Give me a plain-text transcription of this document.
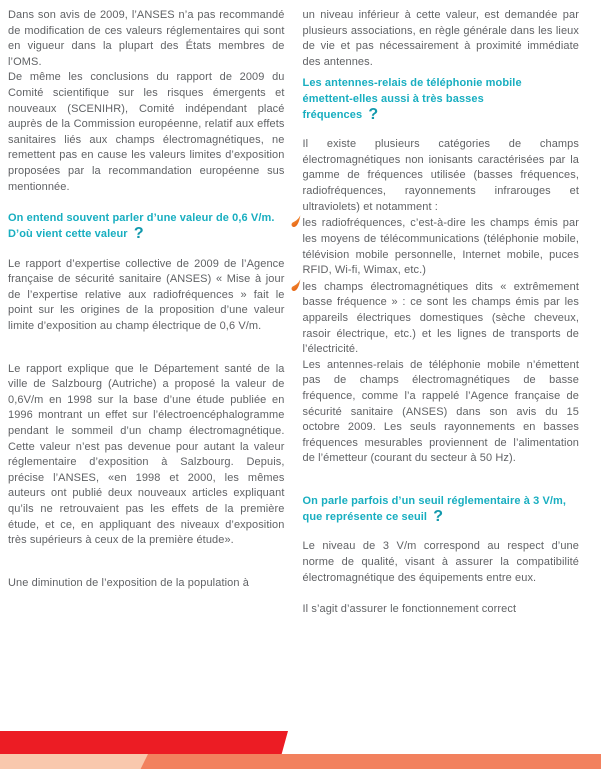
Dans son avis de 2009, l’ANSES n’a pas recommandé de modification de ces valeurs réglementaires qui sont en vigueur dans la plupart des États membres de l’OMS.

De même les conclusions du rapport de 2009 du Comité scientifique sur les risques émergents et nouveaux (SCENIHR), Comité indépendant placé auprès de la Commission européenne, relatif aux effets sanitaires liés aux champs électromagnétiques, ne remettent pas en cause les valeurs limites d’exposition proposées par la recommandation européenne sus mentionnée.

On entend souvent parler d’une valeur de 0,6 V/m. D’où vient cette valeur ?

Le rapport d’expertise collective de 2009 de l’Agence française de sécurité sanitaire (ANSES) « Mise à jour de l’expertise relative aux radiofréquences » fait le point sur les origines de la proposition d’une valeur limite d’exposition au champ électrique de 0,6 V/m.

Le rapport explique que le Département santé de la ville de Salzbourg (Autriche) a proposé la valeur de 0,6V/m en 1998 sur la base d’une étude publiée en 1996 montrant un effet sur l’électroencéphalogramme pendant le sommeil d’un champ électromagnétique. Cette valeur n’est pas devenue pour autant la valeur réglementaire d’exposition à Salzbourg. Depuis, précise l’ANSES, «en 1998 et 2000, les mêmes auteurs ont publié deux nouveaux articles expliquant qu’ils ne retrouvaient pas les effets de la première étude, et ce, en appliquant des niveaux d’exposition très supérieurs à ceux de la première étude».

Une diminution de l’exposition de la population à

un niveau inférieur à cette valeur, est demandée par plusieurs associations, en règle générale dans les lieux de vie et pas nécessairement à proximité immédiate des antennes.

Les antennes-relais de téléphonie mobile émettent-elles aussi à très basses fréquences ?

Il existe plusieurs catégories de champs électromagnétiques non ionisants caractérisées par la gamme de fréquences utilisée (basses fréquences, radiofréquences, rayonnements infrarouges et ultraviolets) et notamment :

les radiofréquences, c’est-à-dire les champs émis par les moyens de télécommunications (téléphonie mobile, télévision mobile personnelle, Internet mobile, puces RFID, Wi-fi, Wimax, etc.)

les champs électromagnétiques dits « extrêmement basse fréquence » : ce sont les champs émis par les appareils électriques domestiques (sèche cheveux, rasoir électrique, etc.) et les lignes de transports de l’électricité.

Les antennes-relais de téléphonie mobile n’émettent pas de champs électromagnétiques de basse fréquence, comme l’a rappelé l’Agence française de sécurité sanitaire (ANSES) dans son avis du 15 octobre 2009. Les seuls rayonnements en basses fréquences mesurables proviennent de l’alimentation de l’émetteur (courant du secteur à 50 Hz).

On parle parfois d’un seuil réglementaire à 3 V/m, que représente ce seuil ?

Le niveau de 3 V/m correspond au respect d’une norme de qualité, visant à assurer la compatibilité électromagnétique des équipements entre eux.

Il s’agit d’assurer le fonctionnement correct
